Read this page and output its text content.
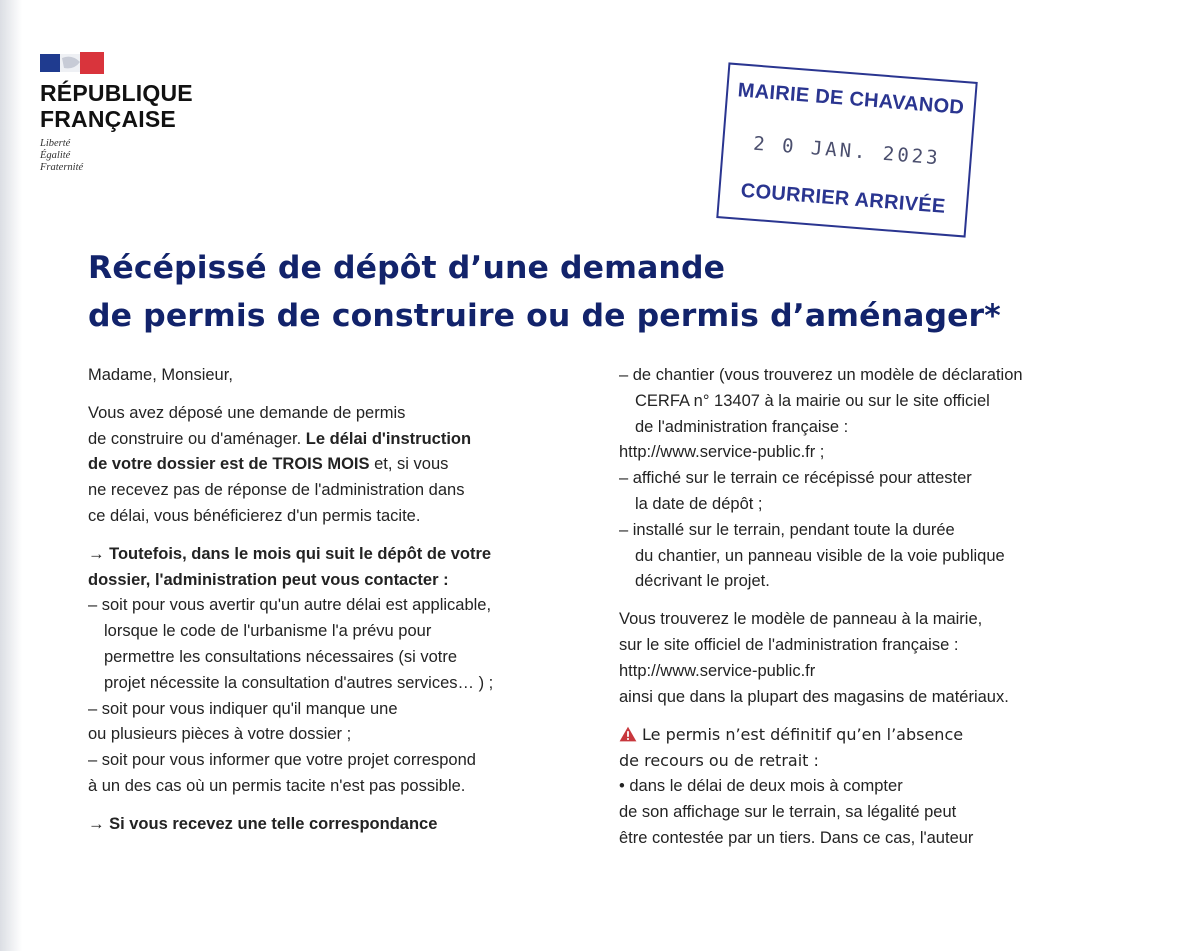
RÉPUBLIQUE
FRANÇAISE
Liberté
Égalité
Fraternité
MAIRIE DE CHAVANOD
2 0 JAN. 2023
COURRIER ARRIVÉE
Récépissé de dépôt d’une demande
de permis de construire ou de permis d’aménager*
Madame, Monsieur,
Vous avez déposé une demande de permis
de construire ou d'aménager. Le délai d'instruction
de votre dossier est de TROIS MOIS et, si vous
ne recevez pas de réponse de l'administration dans
ce délai, vous bénéficierez d'un permis tacite.
→ Toutefois, dans le mois qui suit le dépôt de votre
dossier, l'administration peut vous contacter :
– soit pour vous avertir qu'un autre délai est applicable,
lorsque le code de l'urbanisme l'a prévu pour
permettre les consultations nécessaires (si votre
projet nécessite la consultation d'autres services… ) ;
– soit pour vous indiquer qu'il manque une
ou plusieurs pièces à votre dossier ;
– soit pour vous informer que votre projet correspond
à un des cas où un permis tacite n'est pas possible.
→ Si vous recevez une telle correspondance
– de chantier (vous trouverez un modèle de déclaration
CERFA n° 13407 à la mairie ou sur le site officiel
de l'administration française :
http://www.service-public.fr ;
– affiché sur le terrain ce récépissé pour attester
la date de dépôt ;
– installé sur le terrain, pendant toute la durée
du chantier, un panneau visible de la voie publique
décrivant le projet.
Vous trouverez le modèle de panneau à la mairie,
sur le site officiel de l'administration française :
http://www.service-public.fr
ainsi que dans la plupart des magasins de matériaux.
Le permis n’est définitif qu’en l’absence
de recours ou de retrait :
• dans le délai de deux mois à compter
de son affichage sur le terrain, sa légalité peut
être contestée par un tiers. Dans ce cas, l'auteur
